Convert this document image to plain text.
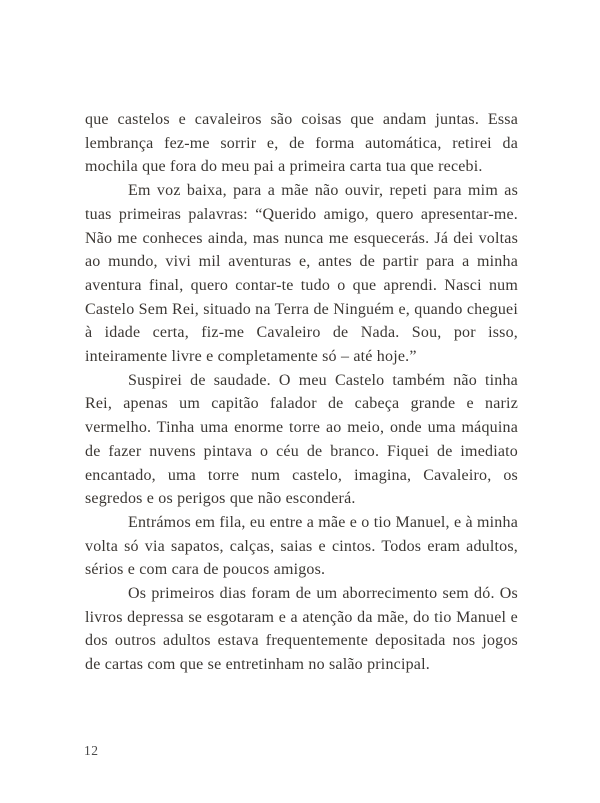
que castelos e cavaleiros são coisas que andam juntas. Essa lembrança fez-me sorrir e, de forma automática, retirei da mochila que fora do meu pai a primeira carta tua que recebi.

Em voz baixa, para a mãe não ouvir, repeti para mim as tuas primeiras palavras: “Querido amigo, quero apresentar-me. Não me conheces ainda, mas nunca me esquecerás. Já dei voltas ao mundo, vivi mil aventuras e, antes de partir para a minha aventura final, quero contar-te tudo o que aprendi. Nasci num Castelo Sem Rei, situado na Terra de Ninguém e, quando cheguei à idade certa, fiz-me Cavaleiro de Nada. Sou, por isso, inteiramente livre e completamente só – até hoje.”

Suspirei de saudade. O meu Castelo também não tinha Rei, apenas um capitão falador de cabeça grande e nariz vermelho. Tinha uma enorme torre ao meio, onde uma máquina de fazer nuvens pintava o céu de branco. Fiquei de imediato encantado, uma torre num castelo, imagina, Cavaleiro, os segredos e os perigos que não esconderá.

Entrámos em fila, eu entre a mãe e o tio Manuel, e à minha volta só via sapatos, calças, saias e cintos. Todos eram adultos, sérios e com cara de poucos amigos.

Os primeiros dias foram de um aborrecimento sem dó. Os livros depressa se esgotaram e a atenção da mãe, do tio Manuel e dos outros adultos estava frequentemente depositada nos jogos de cartas com que se entretinham no salão principal.

12
